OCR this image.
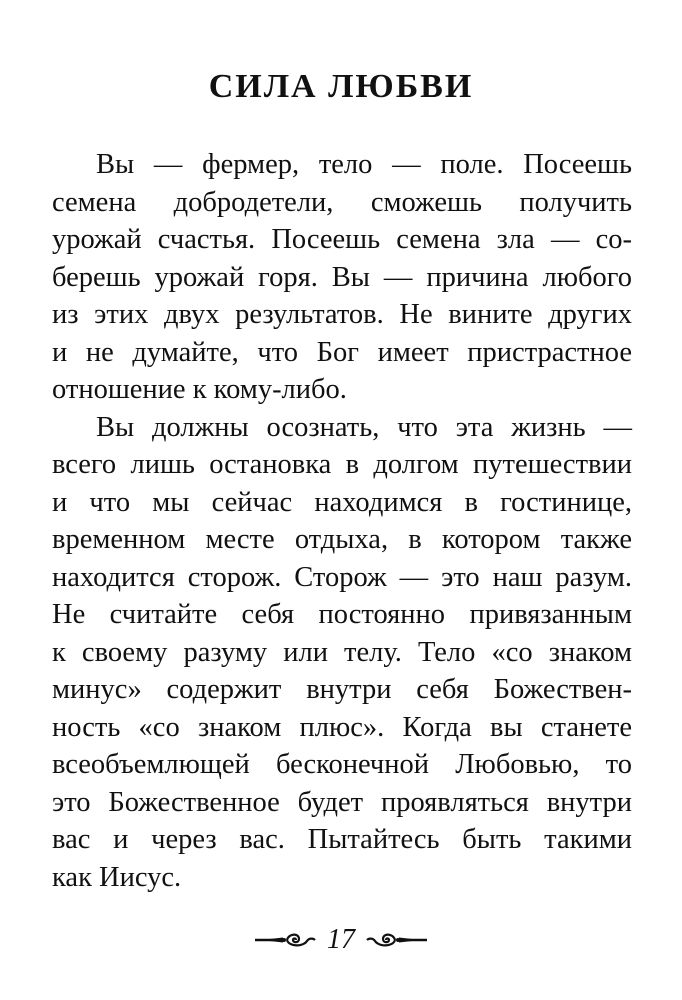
СИЛА ЛЮБВИ
Вы — фермер, тело — поле. Посеешь
семена добродетели, сможешь получить
урожай счастья. Посеешь семена зла — со-
берешь урожай горя. Вы — причина любого
из этих двух результатов. Не вините других
и не думайте, что Бог имеет пристрастное
отношение к кому-либо.
Вы должны осознать, что эта жизнь —
всего лишь остановка в долгом путешествии
и что мы сейчас находимся в гостинице,
временном месте отдыха, в котором также
находится сторож. Сторож — это наш разум.
Не считайте себя постоянно привязанным
к своему разуму или телу. Тело «со знаком
минус» содержит внутри себя Божествен-
ность «со знаком плюс». Когда вы станете
всеобъемлющей бесконечной Любовью, то
это Божественное будет проявляться внутри
вас и через вас. Пытайтесь быть такими
как Иисус.
17
